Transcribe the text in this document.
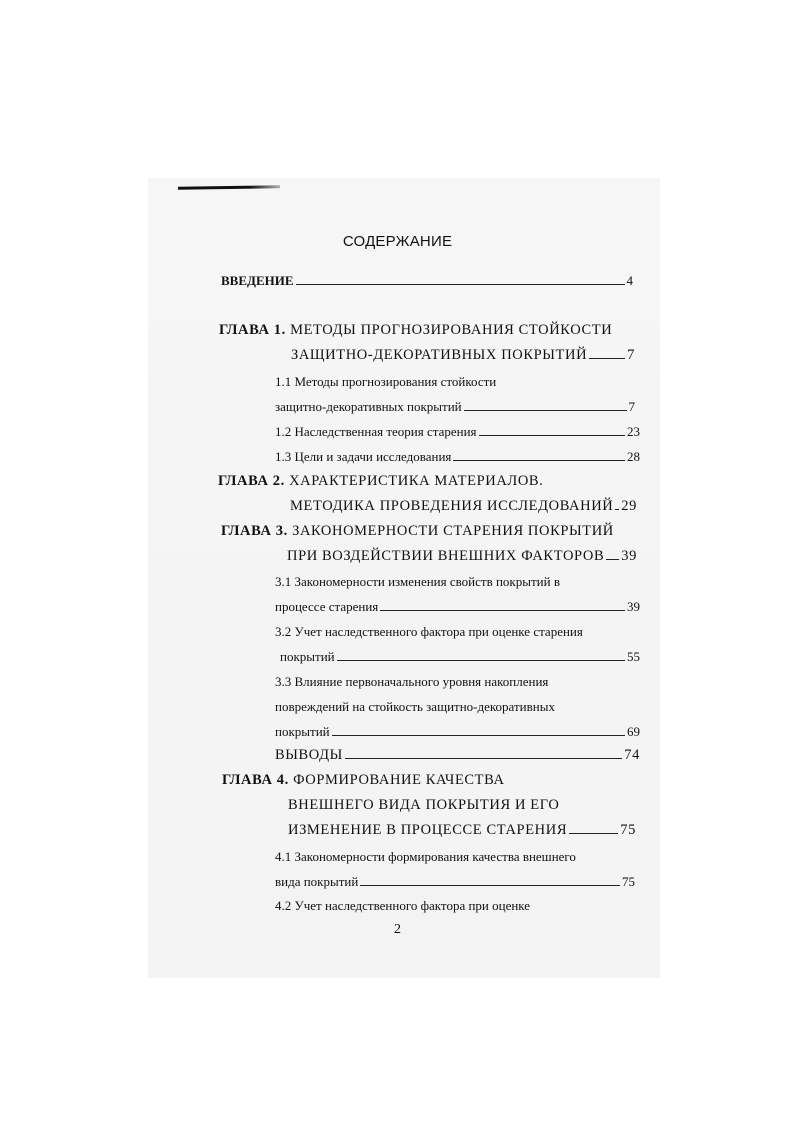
СОДЕРЖАНИЕ
ВВЕДЕНИЕ	4
ГЛАВА 1. МЕТОДЫ ПРОГНОЗИРОВАНИЯ СТОЙКОСТИ
ЗАЩИТНО-ДЕКОРАТИВНЫХ ПОКРЫТИЙ	7
1.1 Методы прогнозирования стойкости
защитно-декоративных покрытий	7
1.2 Наследственная теория старения	23
1.3 Цели и задачи исследования	28
ГЛАВА 2. ХАРАКТЕРИСТИКА МАТЕРИАЛОВ.
МЕТОДИКА ПРОВЕДЕНИЯ ИССЛЕДОВАНИЙ 29
ГЛАВА 3. ЗАКОНОМЕРНОСТИ СТАРЕНИЯ ПОКРЫТИЙ
ПРИ ВОЗДЕЙСТВИИ ВНЕШНИХ ФАКТОРОВ 39
3.1 Закономерности изменения свойств покрытий в
процессе старения	39
3.2 Учет наследственного фактора при оценке старения
покрытий	55
3.3 Влияние первоначального уровня накопления
повреждений на стойкость защитно-декоративных
покрытий	69
ВЫВОДЫ	74
ГЛАВА 4. ФОРМИРОВАНИЕ КАЧЕСТВА
ВНЕШНЕГО ВИДА ПОКРЫТИЯ И ЕГО
ИЗМЕНЕНИЕ В ПРОЦЕССЕ СТАРЕНИЯ	75
4.1 Закономерности формирования качества внешнего
вида покрытий	75
4.2 Учет наследственного фактора при оценке
2
